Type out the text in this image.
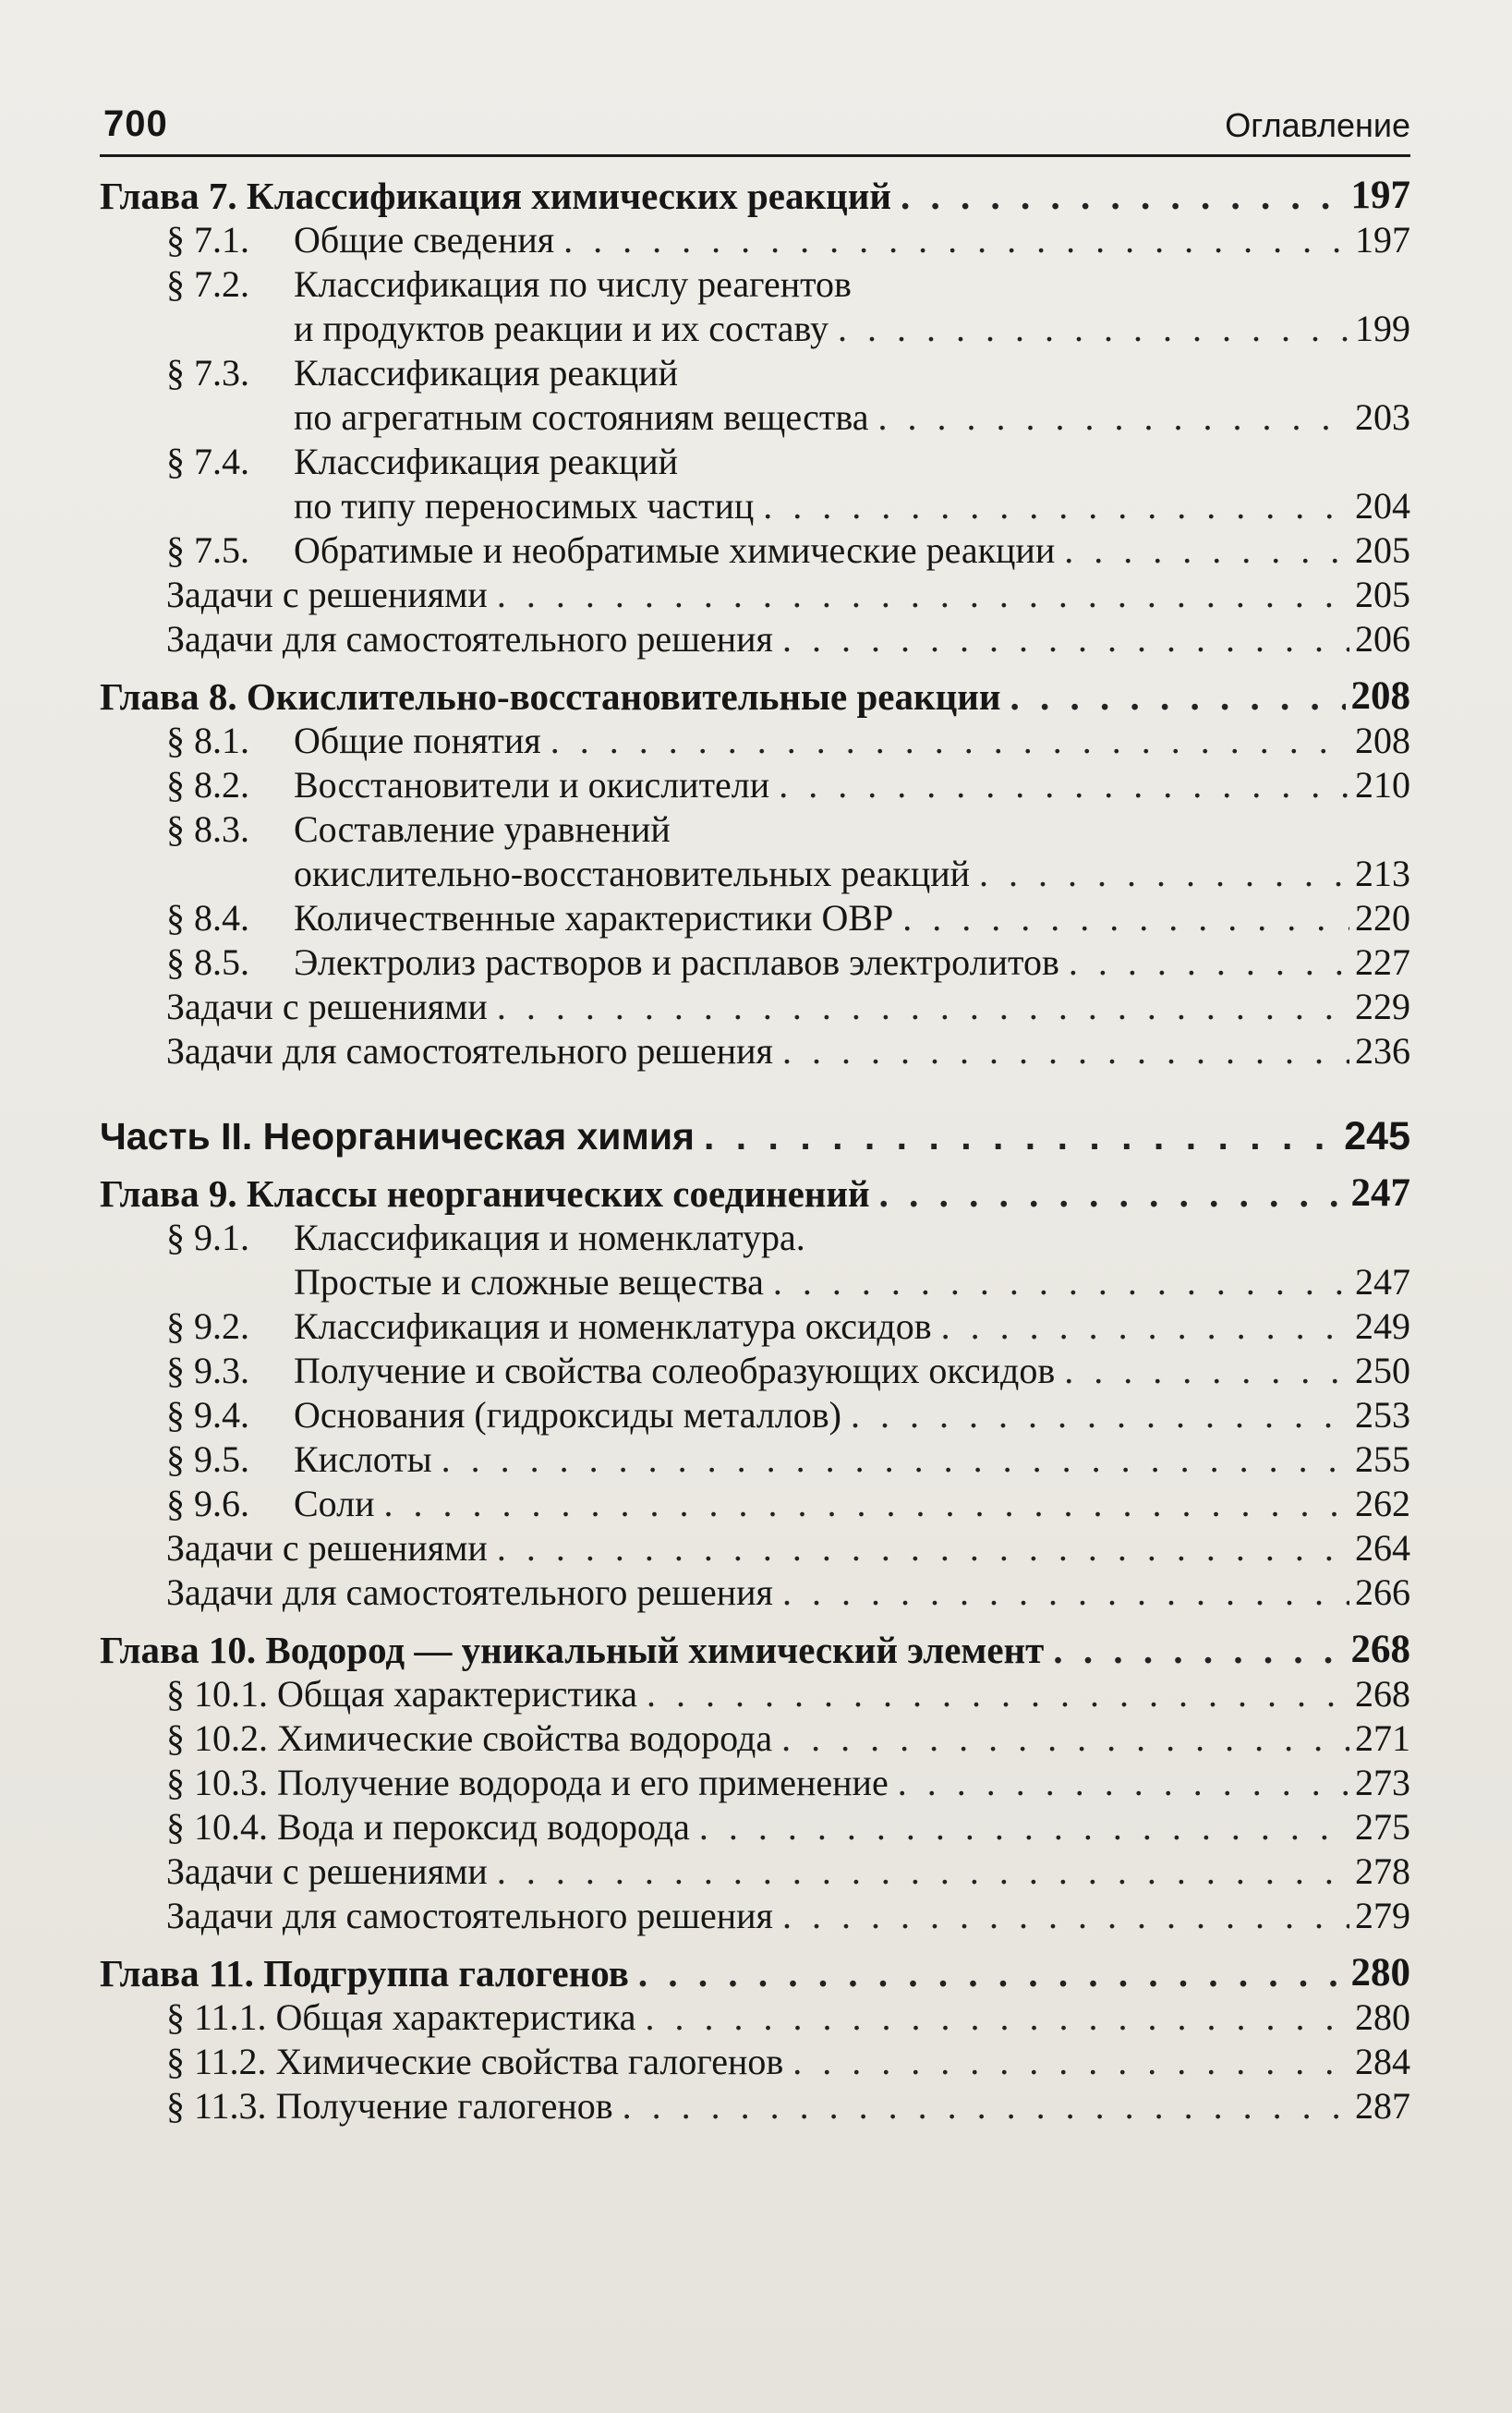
700	Оглавление
Глава 7. Классификация химических реакций . . .	197
§ 7.1. Общие сведения . . .	197
§ 7.2. Классификация по числу реагентов
и продуктов реакции и их составу . . .	199
§ 7.3. Классификация реакций
по агрегатным состояниям вещества . . .	203
§ 7.4. Классификация реакций
по типу переносимых частиц . . .	204
§ 7.5. Обратимые и необратимые химические реакции . . .	205
Задачи с решениями . . .	205
Задачи для самостоятельного решения . . .	206
Глава 8. Окислительно-восстановительные реакции . . .	208
§ 8.1. Общие понятия . . .	208
§ 8.2. Восстановители и окислители . . .	210
§ 8.3. Составление уравнений
окислительно-восстановительных реакций . . .	213
§ 8.4. Количественные характеристики ОВР . . .	220
§ 8.5. Электролиз растворов и расплавов электролитов . . .	227
Задачи с решениями . . .	229
Задачи для самостоятельного решения . . .	236
Часть II. Неорганическая химия . . .	245
Глава 9. Классы неорганических соединений . . .	247
§ 9.1. Классификация и номенклатура.
Простые и сложные вещества . . .	247
§ 9.2. Классификация и номенклатура оксидов . . .	249
§ 9.3. Получение и свойства солеобразующих оксидов . . .	250
§ 9.4. Основания (гидроксиды металлов) . . .	253
§ 9.5. Кислоты . . .	255
§ 9.6. Соли . . .	262
Задачи с решениями . . .	264
Задачи для самостоятельного решения . . .	266
Глава 10. Водород — уникальный химический элемент . . .	268
§ 10.1. Общая характеристика . . .	268
§ 10.2. Химические свойства водорода . . .	271
§ 10.3. Получение водорода и его применение . . .	273
§ 10.4. Вода и пероксид водорода . . .	275
Задачи с решениями . . .	278
Задачи для самостоятельного решения . . .	279
Глава 11. Подгруппа галогенов . . .	280
§ 11.1. Общая характеристика . . .	280
§ 11.2. Химические свойства галогенов . . .	284
§ 11.3. Получение галогенов . . .	287
